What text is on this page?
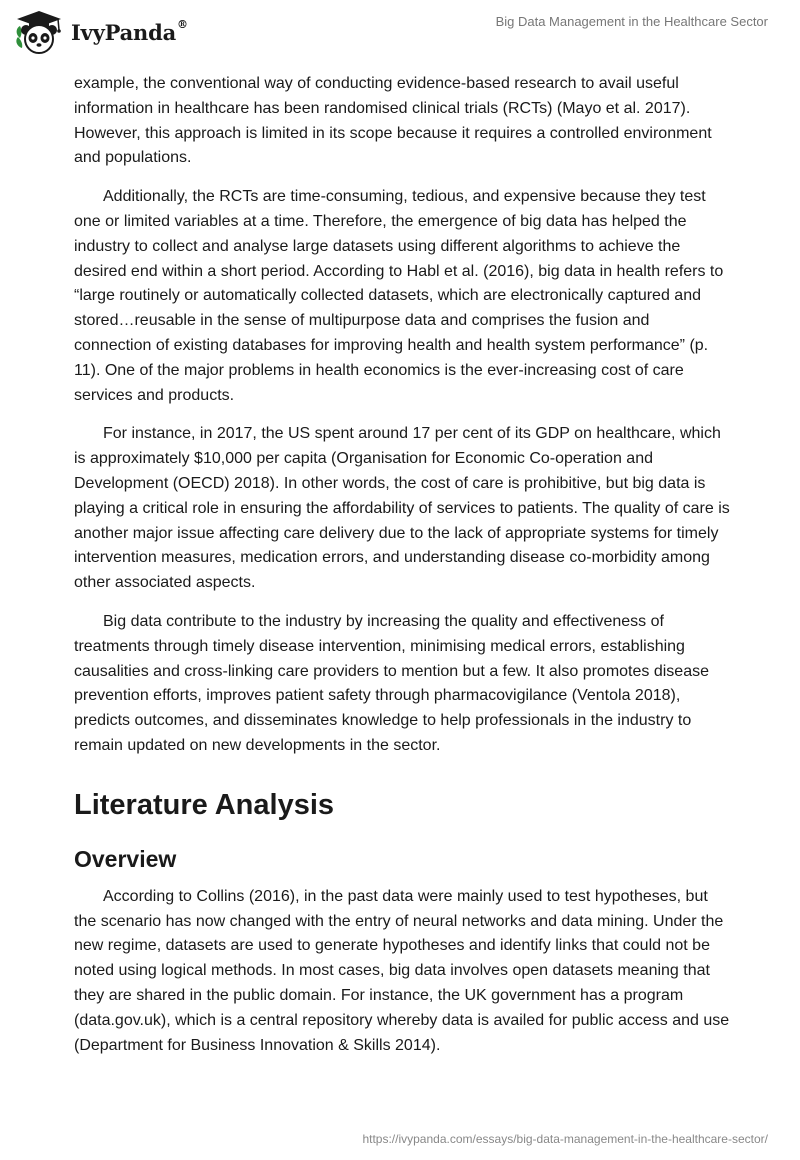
IvyPanda®	Big Data Management in the Healthcare Sector

example, the conventional way of conducting evidence-based research to avail useful information in healthcare has been randomised clinical trials (RCTs) (Mayo et al. 2017). However, this approach is limited in its scope because it requires a controlled environment and populations.

Additionally, the RCTs are time-consuming, tedious, and expensive because they test one or limited variables at a time. Therefore, the emergence of big data has helped the industry to collect and analyse large datasets using different algorithms to achieve the desired end within a short period. According to Habl et al. (2016), big data in health refers to “large routinely or automatically collected datasets, which are electronically captured and stored…reusable in the sense of multipurpose data and comprises the fusion and connection of existing databases for improving health and health system performance” (p. 11). One of the major problems in health economics is the ever-increasing cost of care services and products.

For instance, in 2017, the US spent around 17 per cent of its GDP on healthcare, which is approximately $10,000 per capita (Organisation for Economic Co-operation and Development (OECD) 2018). In other words, the cost of care is prohibitive, but big data is playing a critical role in ensuring the affordability of services to patients. The quality of care is another major issue affecting care delivery due to the lack of appropriate systems for timely intervention measures, medication errors, and understanding disease co-morbidity among other associated aspects.

Big data contribute to the industry by increasing the quality and effectiveness of treatments through timely disease intervention, minimising medical errors, establishing causalities and cross-linking care providers to mention but a few. It also promotes disease prevention efforts, improves patient safety through pharmacovigilance (Ventola 2018), predicts outcomes, and disseminates knowledge to help professionals in the industry to remain updated on new developments in the sector.

Literature Analysis
Overview

According to Collins (2016), in the past data were mainly used to test hypotheses, but the scenario has now changed with the entry of neural networks and data mining. Under the new regime, datasets are used to generate hypotheses and identify links that could not be noted using logical methods. In most cases, big data involves open datasets meaning that they are shared in the public domain. For instance, the UK government has a program (data.gov.uk), which is a central repository whereby data is availed for public access and use (Department for Business Innovation & Skills 2014).

https://ivypanda.com/essays/big-data-management-in-the-healthcare-sector/
